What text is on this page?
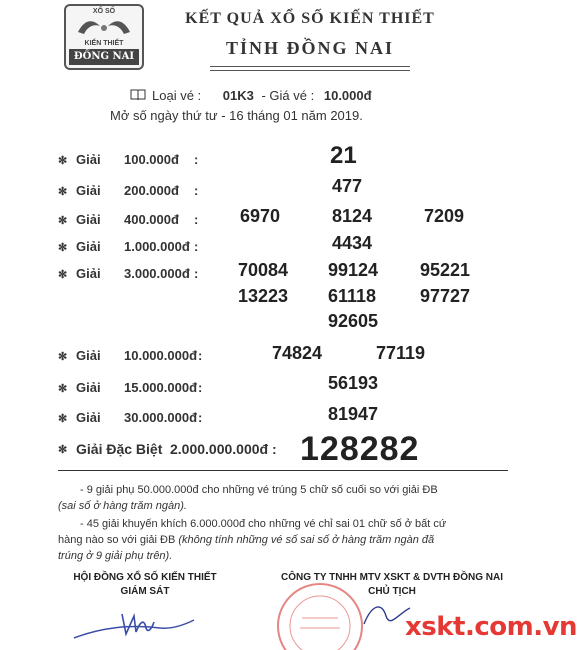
XỔ SỐ
KIẾN THIẾT
ĐỒNG NAI
KẾT QUẢ XỔ SỐ KIẾN THIẾT
TỈNH ĐỒNG NAI
Loại vé : 01K3 - Giá vé : 10.000đ
Mở số ngày thứ tư - 16 tháng 01 năm 2019.
✼ Giải 100.000đ :	21
✼ Giải 200.000đ :	477
✼ Giải 400.000đ : 6970	8124	7209
✼ Giải 1.000.000đ :	4434
✼ Giải 3.000.000đ : 70084 99124 95221
13223 61118 97727
92605
✼ Giải 10.000.000đ :	74824	77119
✼ Giải 15.000.000đ :	56193
✼ Giải 30.000.000đ :	81947
✼ Giải Đặc Biệt 2.000.000.000đ : 128282
- 9 giải phụ 50.000.000đ cho những vé trúng 5 chữ số cuối so với giải ĐB
(sai số ở hàng trăm ngàn).
- 45 giải khuyến khích 6.000.000đ cho những vé chỉ sai 01 chữ số ở bất cứ
hàng nào so với giải ĐB (không tính những vé số sai số ở hàng trăm ngàn đã
trúng ở 9 giải phụ trên).
HỘI ĐỒNG XỔ SỐ KIẾN THIẾT
GIÁM SÁT
CÔNG TY TNHH MTV XSKT & DVTH ĐỒNG NAI
CHỦ TỊCH
xskt.com.vn
